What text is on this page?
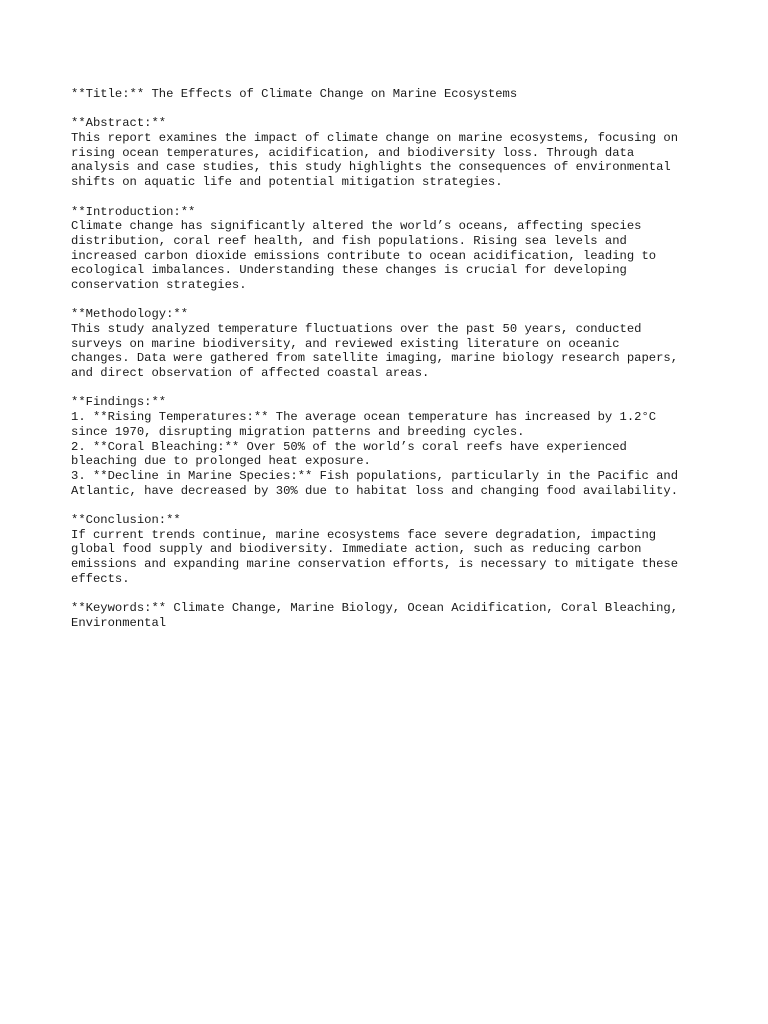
**Title:** The Effects of Climate Change on Marine Ecosystems
**Abstract:**
This report examines the impact of climate change on marine ecosystems, focusing on
rising ocean temperatures, acidification, and biodiversity loss. Through data
analysis and case studies, this study highlights the consequences of environmental
shifts on aquatic life and potential mitigation strategies.
**Introduction:**
Climate change has significantly altered the world’s oceans, affecting species
distribution, coral reef health, and fish populations. Rising sea levels and
increased carbon dioxide emissions contribute to ocean acidification, leading to
ecological imbalances. Understanding these changes is crucial for developing
conservation strategies.
**Methodology:**
This study analyzed temperature fluctuations over the past 50 years, conducted
surveys on marine biodiversity, and reviewed existing literature on oceanic
changes. Data were gathered from satellite imaging, marine biology research papers,
and direct observation of affected coastal areas.
**Findings:**
1. **Rising Temperatures:** The average ocean temperature has increased by 1.2°C
since 1970, disrupting migration patterns and breeding cycles.
2. **Coral Bleaching:** Over 50% of the world’s coral reefs have experienced
bleaching due to prolonged heat exposure.
3. **Decline in Marine Species:** Fish populations, particularly in the Pacific and
Atlantic, have decreased by 30% due to habitat loss and changing food availability.
**Conclusion:**
If current trends continue, marine ecosystems face severe degradation, impacting
global food supply and biodiversity. Immediate action, such as reducing carbon
emissions and expanding marine conservation efforts, is necessary to mitigate these
effects.
**Keywords:** Climate Change, Marine Biology, Ocean Acidification, Coral Bleaching,
Environmental
